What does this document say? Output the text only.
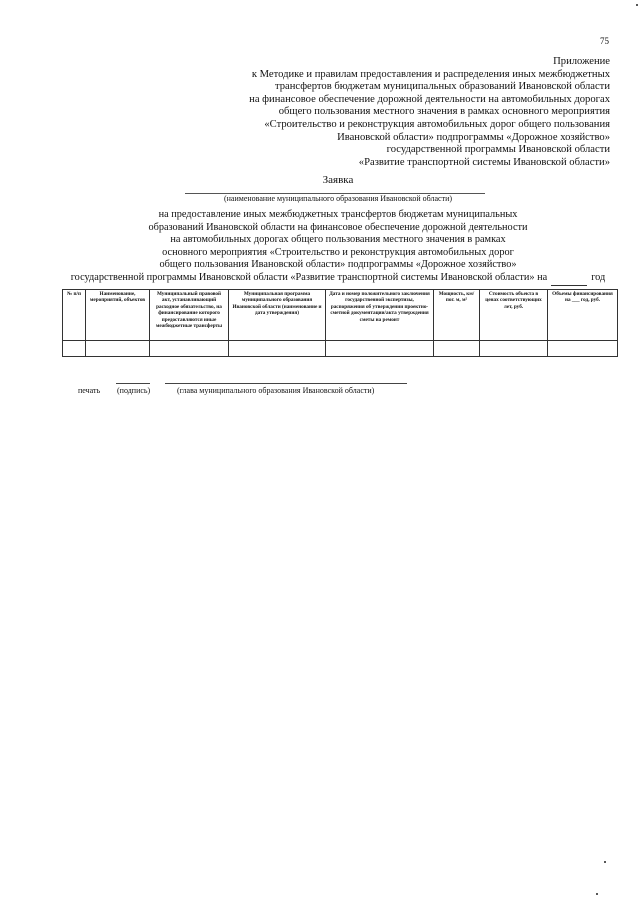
75
Приложение
к Методике и правилам предоставления и распределения иных межбюджетных
трансфертов бюджетам муниципальных образований Ивановской области
на финансовое обеспечение дорожной деятельности на автомобильных дорогах
общего пользования местного значения в рамках основного мероприятия
«Строительство и реконструкция автомобильных дорог общего пользования
Ивановской области» подпрограммы «Дорожное хозяйство»
государственной программы Ивановской области
«Развитие транспортной системы Ивановской области»
Заявка
(наименование муниципального образования Ивановской области)
на предоставление иных межбюджетных трансфертов бюджетам муниципальных
образований Ивановской области на финансовое обеспечение дорожной деятельности
на автомобильных дорогах общего пользования местного значения в рамках
основного мероприятия «Строительство и реконструкция автомобильных дорог
общего пользования Ивановской области» подпрограммы «Дорожное хозяйство»
государственной программы Ивановской области «Развитие транспортной системы Ивановской области» на	год
№ п/п	Наименование, мероприятий, объектов	Муниципальный правовой акт, устанавливающий расходное обязательство, на финансирование которого предоставляются иные межбюджетные трансферты	Муниципальная программа муниципального образования Ивановской области (наименование и дата утверждения)	Дата и номер положительного заключения государственной экспертизы, распоряжения об утверждении проектно-сметной документации/акта утверждения сметы на ремонт	Мощность, км/пог. м, м²	Стоимость объекта в ценах соответствующих лет, руб.	Объемы финансирования на ___ год, руб.

печать (подпись)	(глава муниципального образования Ивановской области)
